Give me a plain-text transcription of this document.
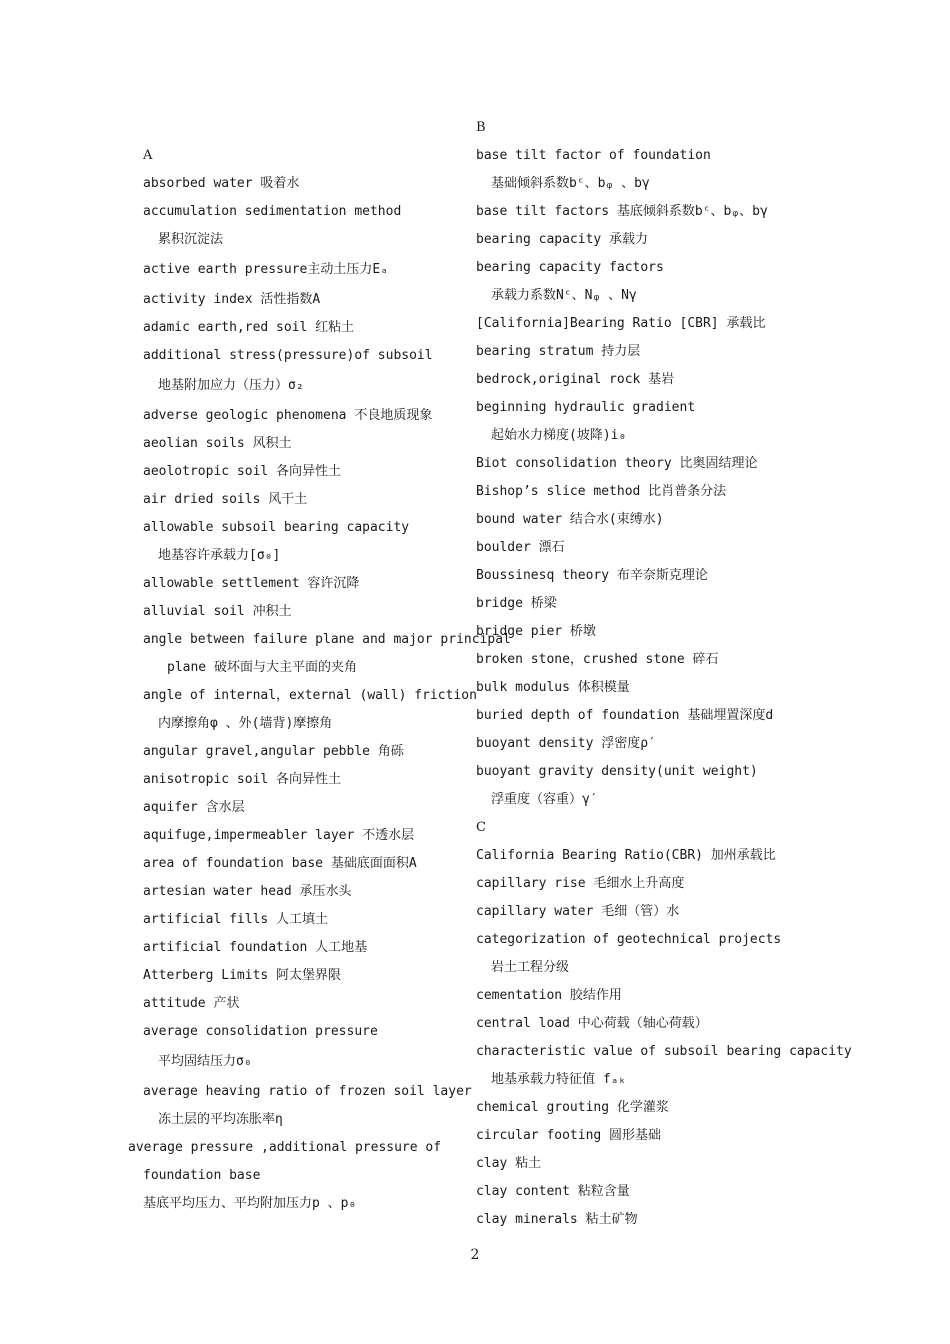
A
absorbed water 吸着水
accumulation sedimentation method
累积沉淀法
active earth pressure主动土压力Eₐ
activity index 活性指数A
adamic earth,red soil 红粘土
additional stress(pressure)of subsoil
地基附加应力（压力）σ₂
adverse geologic phenomena 不良地质现象
aeolian soils 风积土
aeolotropic soil 各向异性土
air dried soils 风干土
allowable subsoil bearing capacity
地基容许承载力[σ₀]
allowable settlement 容许沉降
alluvial soil 冲积土
angle between failure plane and major principal
plane 破坏面与大主平面的夹角
angle of internal，external (wall) friction
内摩擦角φ 、外(墙背)摩擦角
angular gravel,angular pebble 角砾
anisotropic soil 各向异性土
aquifer 含水层
aquifuge,impermeabler layer 不透水层
area of foundation base 基础底面面积A
artesian water head 承压水头
artificial fills 人工填土
artificial foundation 人工地基
Atterberg Limits 阿太堡界限
attitude 产状
average consolidation pressure
平均固结压力σ₀
average heaving ratio of frozen soil layer
冻土层的平均冻胀率η
average pressure ,additional pressure of
foundation base
基底平均压力、平均附加压力p 、p₀
B
base tilt factor of foundation
基础倾斜系数bᶜ、bᵩ 、bγ
base tilt factors 基底倾斜系数bᶜ、bᵩ、bγ
bearing capacity 承载力
bearing capacity factors
承载力系数Nᶜ、Nᵩ 、Nγ
[California]Bearing Ratio [CBR] 承载比
bearing stratum 持力层
bedrock,original rock 基岩
beginning hydraulic gradient
起始水力梯度(坡降)i₀
Biot consolidation theory 比奥固结理论
Bishop’s slice method 比肖普条分法
bound water 结合水(束缚水)
boulder 漂石
Boussinesq theory 布辛奈斯克理论
bridge 桥梁
bridge pier 桥墩
broken stone，crushed stone 碎石
bulk modulus 体积模量
buried depth of foundation 基础埋置深度d
buoyant density 浮密度ρ′
buoyant gravity density(unit weight)
浮重度（容重）γ′
C
California Bearing Ratio(CBR) 加州承载比
capillary rise 毛细水上升高度
capillary water 毛细（管）水
categorization of geotechnical projects
岩土工程分级
cementation 胶结作用
central load 中心荷载（轴心荷载）
characteristic value of subsoil bearing capacity
地基承载力特征值 fₐₖ
chemical grouting 化学灌浆
circular footing 圆形基础
clay 粘土
clay content 粘粒含量
clay minerals 粘土矿物
2
